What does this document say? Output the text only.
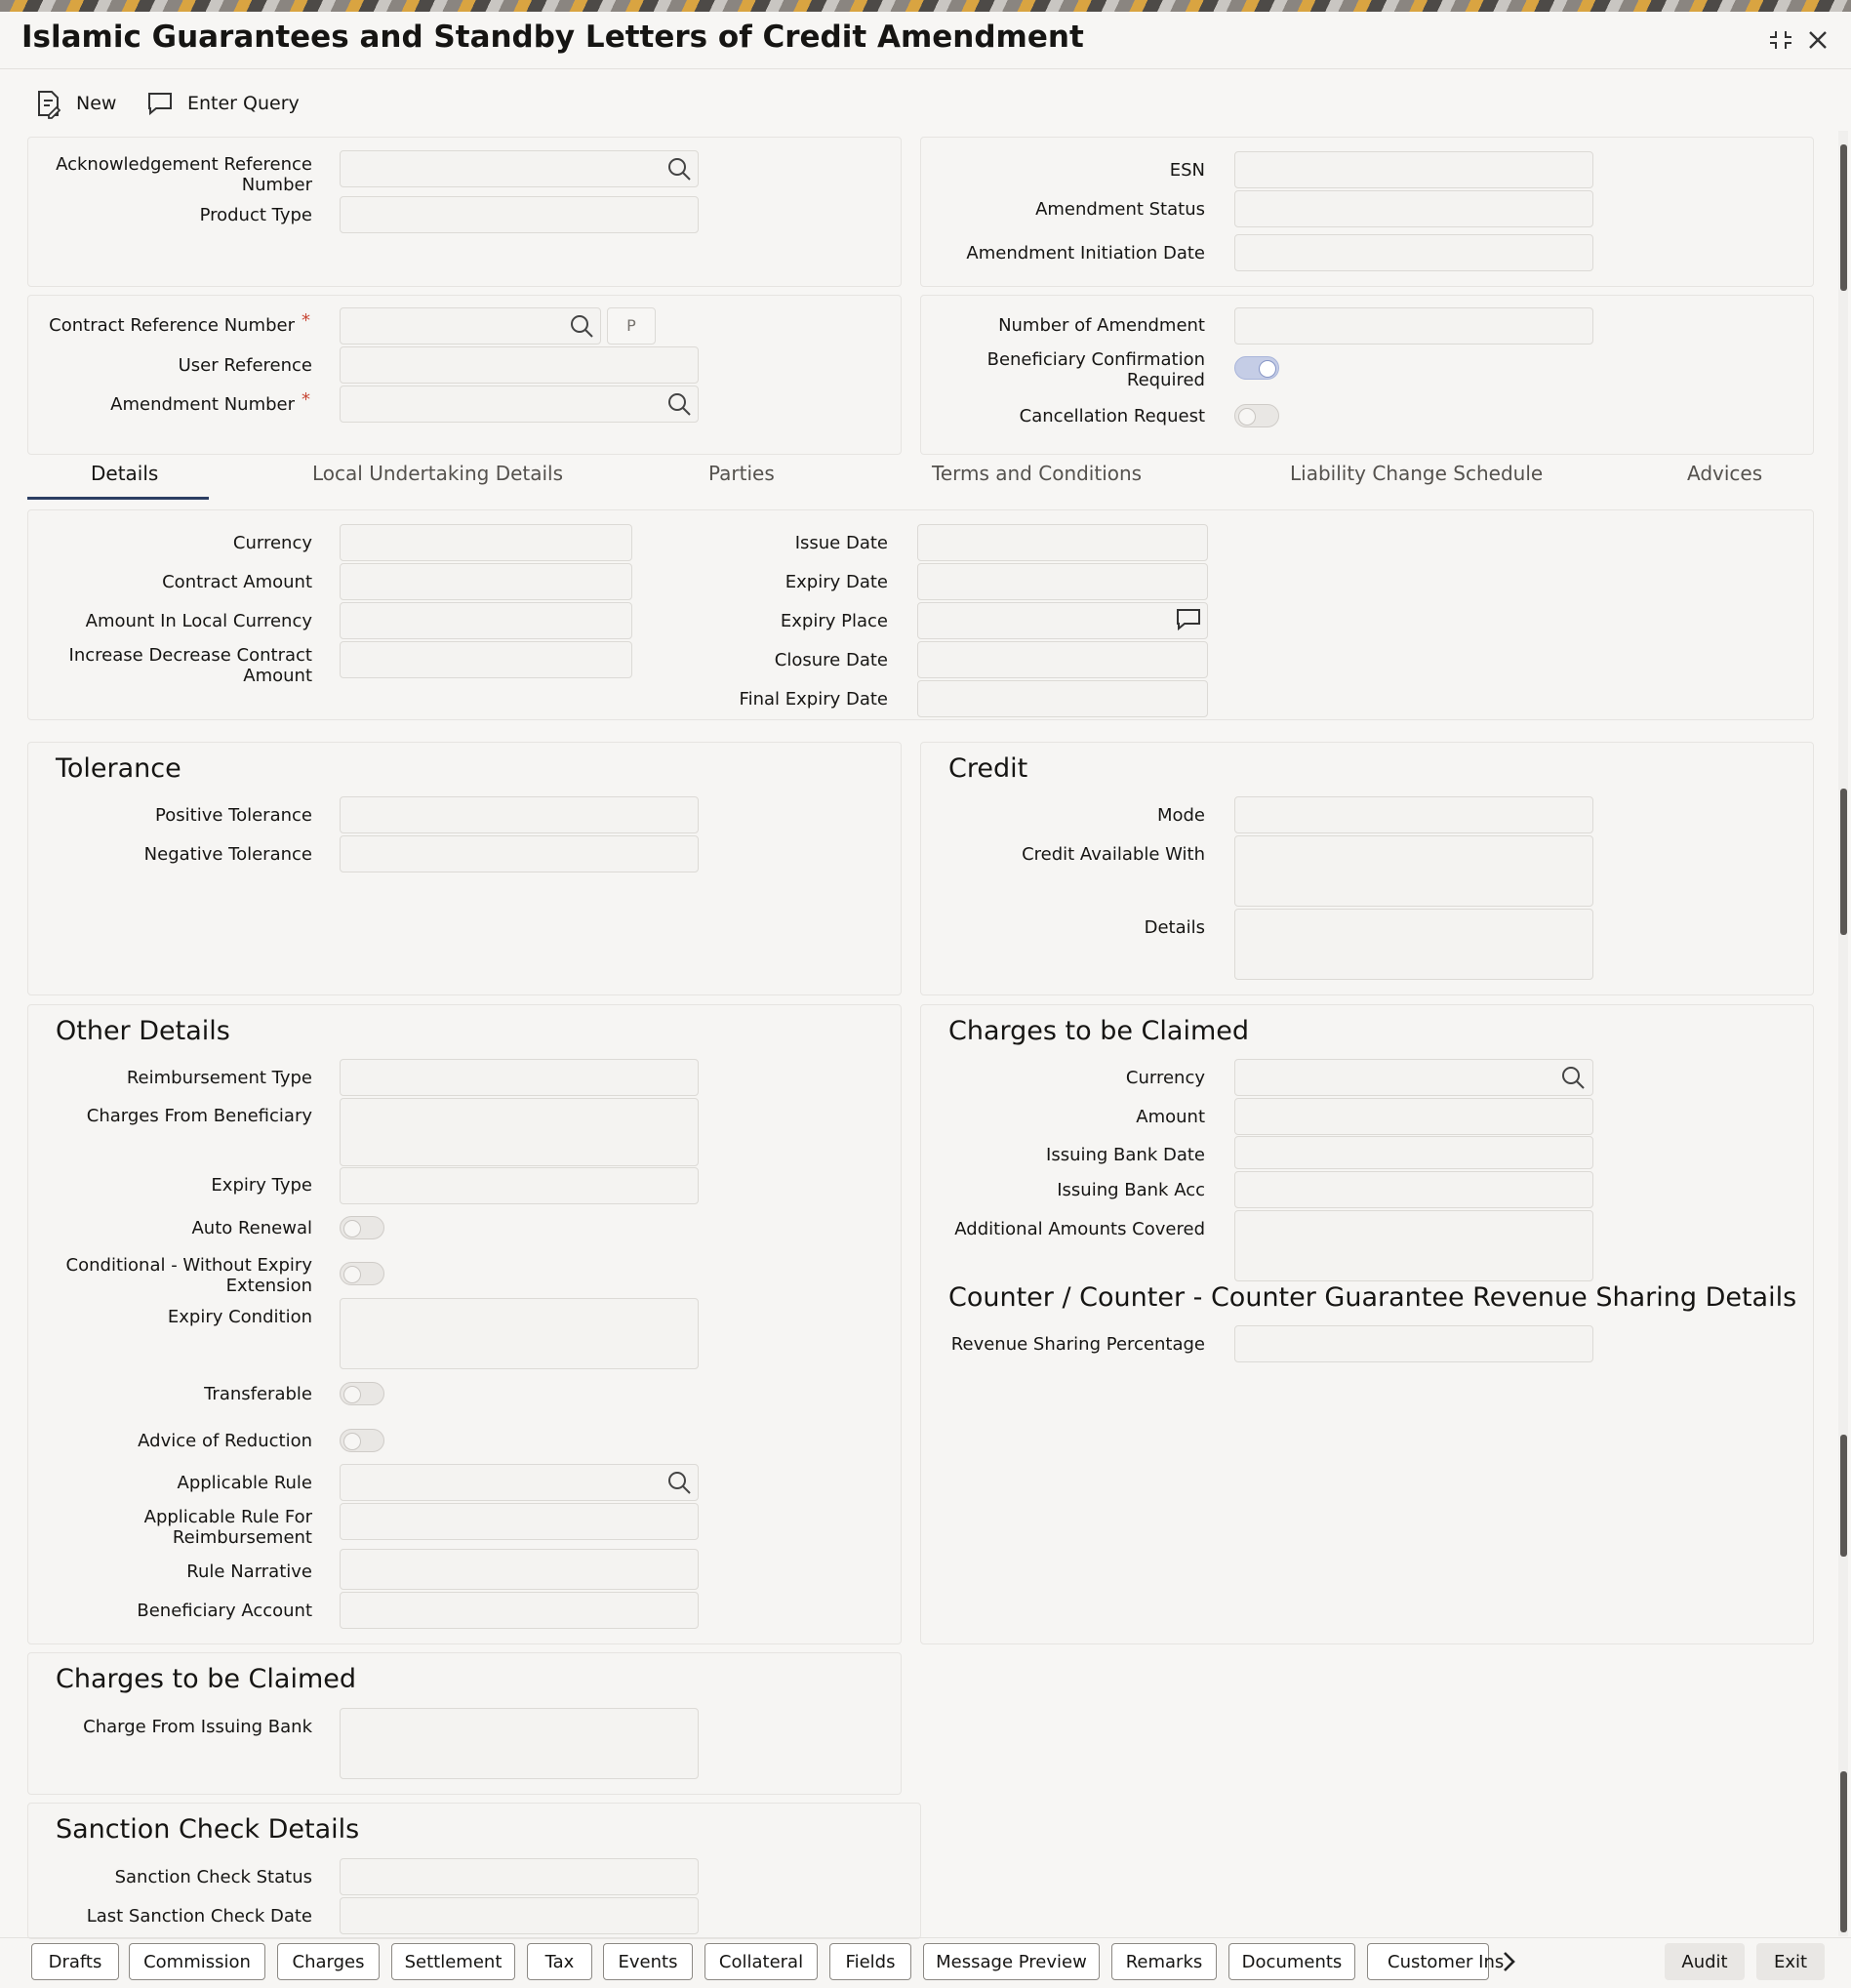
Islamic Guarantees and Standby Letters of Credit Amendment
New	Enter Query
Acknowledgement Reference Number
Product Type
ESN
Amendment Status
Amendment Initiation Date
Contract Reference Number *	P
User Reference
Amendment Number *
Number of Amendment
Beneficiary Confirmation Required
Cancellation Request
Details	Local Undertaking Details	Parties	Terms and Conditions	Liability Change Schedule	Advices
Currency
Contract Amount
Amount In Local Currency
Increase Decrease Contract Amount
Issue Date
Expiry Date
Expiry Place
Closure Date
Final Expiry Date
Tolerance
Positive Tolerance
Negative Tolerance
Credit
Mode
Credit Available With
Details
Other Details
Reimbursement Type
Charges From Beneficiary
Expiry Type
Auto Renewal
Conditional - Without Expiry Extension
Expiry Condition
Transferable
Advice of Reduction
Applicable Rule
Applicable Rule For Reimbursement
Rule Narrative
Beneficiary Account
Charges to be Claimed
Currency
Amount
Issuing Bank Date
Issuing Bank Acc
Additional Amounts Covered
Counter / Counter - Counter Guarantee Revenue Sharing Details
Revenue Sharing Percentage
Charges to be Claimed
Charge From Issuing Bank
Sanction Check Details
Sanction Check Status
Last Sanction Check Date
Drafts	Commission	Charges	Settlement	Tax	Events	Collateral	Fields	Message Preview	Remarks	Documents	Customer Ins	Audit	Exit
